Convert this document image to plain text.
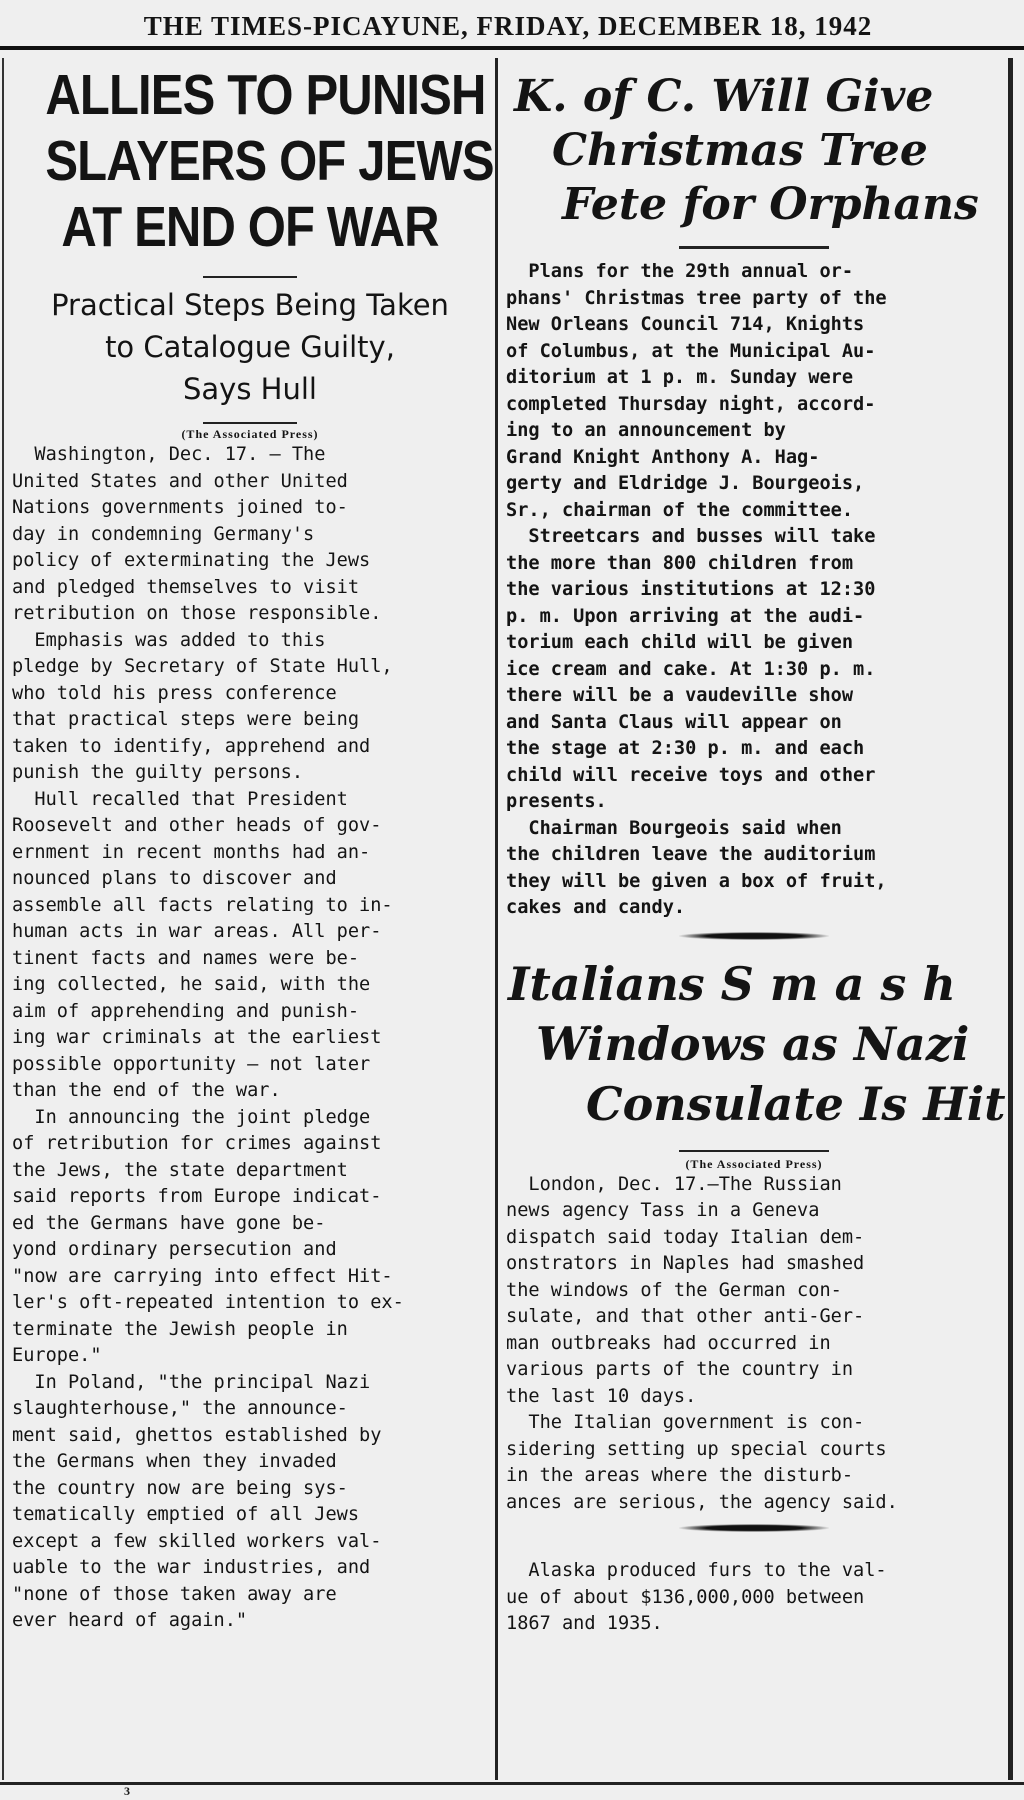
THE TIMES-PICAYUNE, FRIDAY, DECEMBER 18, 1942
ALLIES TO PUNISH
SLAYERS OF JEWS
AT END OF WAR
Practical Steps Being Taken
to Catalogue Guilty,
Says Hull
(The Associated Press)

Washington, Dec. 17. — The
United States and other United
Nations governments joined to-
day in condemning Germany's
policy of exterminating the Jews
and pledged themselves to visit
retribution on those responsible.

Emphasis was added to this
pledge by Secretary of State Hull,
who told his press conference
that practical steps were being
taken to identify, apprehend and
punish the guilty persons.

Hull recalled that President
Roosevelt and other heads of gov-
ernment in recent months had an-
nounced plans to discover and
assemble all facts relating to in-
human acts in war areas. All per-
tinent facts and names were be-
ing collected, he said, with the
aim of apprehending and punish-
ing war criminals at the earliest
possible opportunity — not later
than the end of the war.

In announcing the joint pledge
of retribution for crimes against
the Jews, the state department
said reports from Europe indicat-
ed the Germans have gone be-
yond ordinary persecution and
"now are carrying into effect Hit-
ler's oft-repeated intention to ex-
terminate the Jewish people in
Europe."

In Poland, "the principal Nazi
slaughterhouse," the announce-
ment said, ghettos established by
the Germans when they invaded
the country now are being sys-
tematically emptied of all Jews
except a few skilled workers val-
uable to the war industries, and
"none of those taken away are
ever heard of again."

K. of C. Will Give
Christmas Tree
Fete for Orphans

Plans for the 29th annual or-
phans' Christmas tree party of the
New Orleans Council 714, Knights
of Columbus, at the Municipal Au-
ditorium at 1 p. m. Sunday were
completed Thursday night, accord-
ing to an announcement by
Grand Knight Anthony A. Hag-
gerty and Eldridge J. Bourgeois,
Sr., chairman of the committee.

Streetcars and busses will take
the more than 800 children from
the various institutions at 12:30
p. m. Upon arriving at the audi-
torium each child will be given
ice cream and cake. At 1:30 p. m.
there will be a vaudeville show
and Santa Claus will appear on
the stage at 2:30 p. m. and each
child will receive toys and other
presents.

Chairman Bourgeois said when
the children leave the auditorium
they will be given a box of fruit,
cakes and candy.

Italians S m a s h
Windows as Nazi
Consulate Is Hit
(The Associated Press)

London, Dec. 17.—The Russian
news agency Tass in a Geneva
dispatch said today Italian dem-
onstrators in Naples had smashed
the windows of the German con-
sulate, and that other anti-Ger-
man outbreaks had occurred in
various parts of the country in
the last 10 days.

The Italian government is con-
sidering setting up special courts
in the areas where the disturb-
ances are serious, the agency said.

Alaska produced furs to the val-
ue of about $136,000,000 between
1867 and 1935.

3
